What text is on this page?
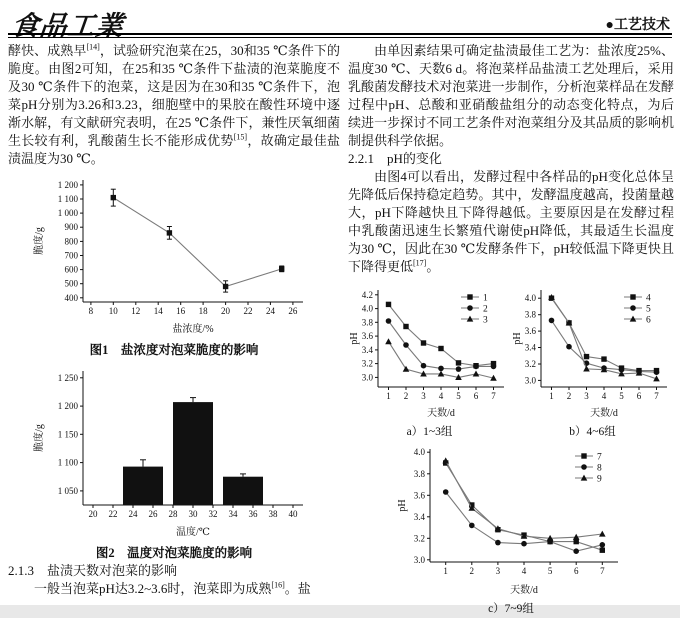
食品工業	●工艺技术

酵快、成熟早[14]，试验研究泡菜在25，30和35 ℃条件下的脆度。由图2可知，在25和35 ℃条件下盐渍的泡菜脆度不及30 ℃条件下的泡菜，这是因为在30和35 ℃条件下，泡菜pH分别为3.26和3.23，细胞壁中的果胶在酸性环境中逐渐水解，有文献研究表明，在25 ℃条件下，兼性厌氧细菌生长较有利，乳酸菌生长不能形成优势[15]，故确定最佳盐渍温度为30 ℃。

400
500
600
700
800
900
1 000
1 100
1 200
8 10 12 14 16 18 20 22 24 26
盐浓度/%
脆度/g
图1　盐浓度对泡菜脆度的影响
1 050
1 100
1 150
1 200
1 250
20 22 24 26 28 30 32 34 36 38 40
温度/℃
脆度/g
图2　温度对泡菜脆度的影响

2.1.3　盐渍天数对泡菜的影响

一般当泡菜pH达3.2~3.6时，泡菜即为成熟[16]。盐

由单因素结果可确定盐渍最佳工艺为：盐浓度25%、温度30 ℃、天数6 d。将泡菜样品盐渍工艺处理后，采用乳酸菌发酵技术对泡菜进一步制作，分析泡菜样品在发酵过程中pH、总酸和亚硝酸盐组分的动态变化特点，为后续进一步探讨不同工艺条件对泡菜组分及其品质的影响机制提供科学依据。

2.2.1　pH的变化

由图4可以看出，发酵过程中各样品的pH变化总体呈先降低后保持稳定趋势。其中，发酵温度越高，投菌量越大，pH下降越快且下降得越低。主要原因是在发酵过程中乳酸菌迅速生长繁殖代谢使pH降低，其最适生长温度为30 ℃，因此在30 ℃发酵条件下，pH较低温下降更快且下降得更低[17]。

3.0
3.2
3.4
3.6
3.8
4.0
4.2
1 2 3 4 5 6 7
天数/d
pH
1
2
3
a）1~3组
3.0
3.2
3.4
3.6
3.8
4.0
1 2 3 4 5 6 7
天数/d
pH
4
5
6
b）4~6组
3.0
3.2
3.4
3.6
3.8
4.0
1 2 3 4 5 6 7
天数/d
pH
7
8
9
c）7~9组
